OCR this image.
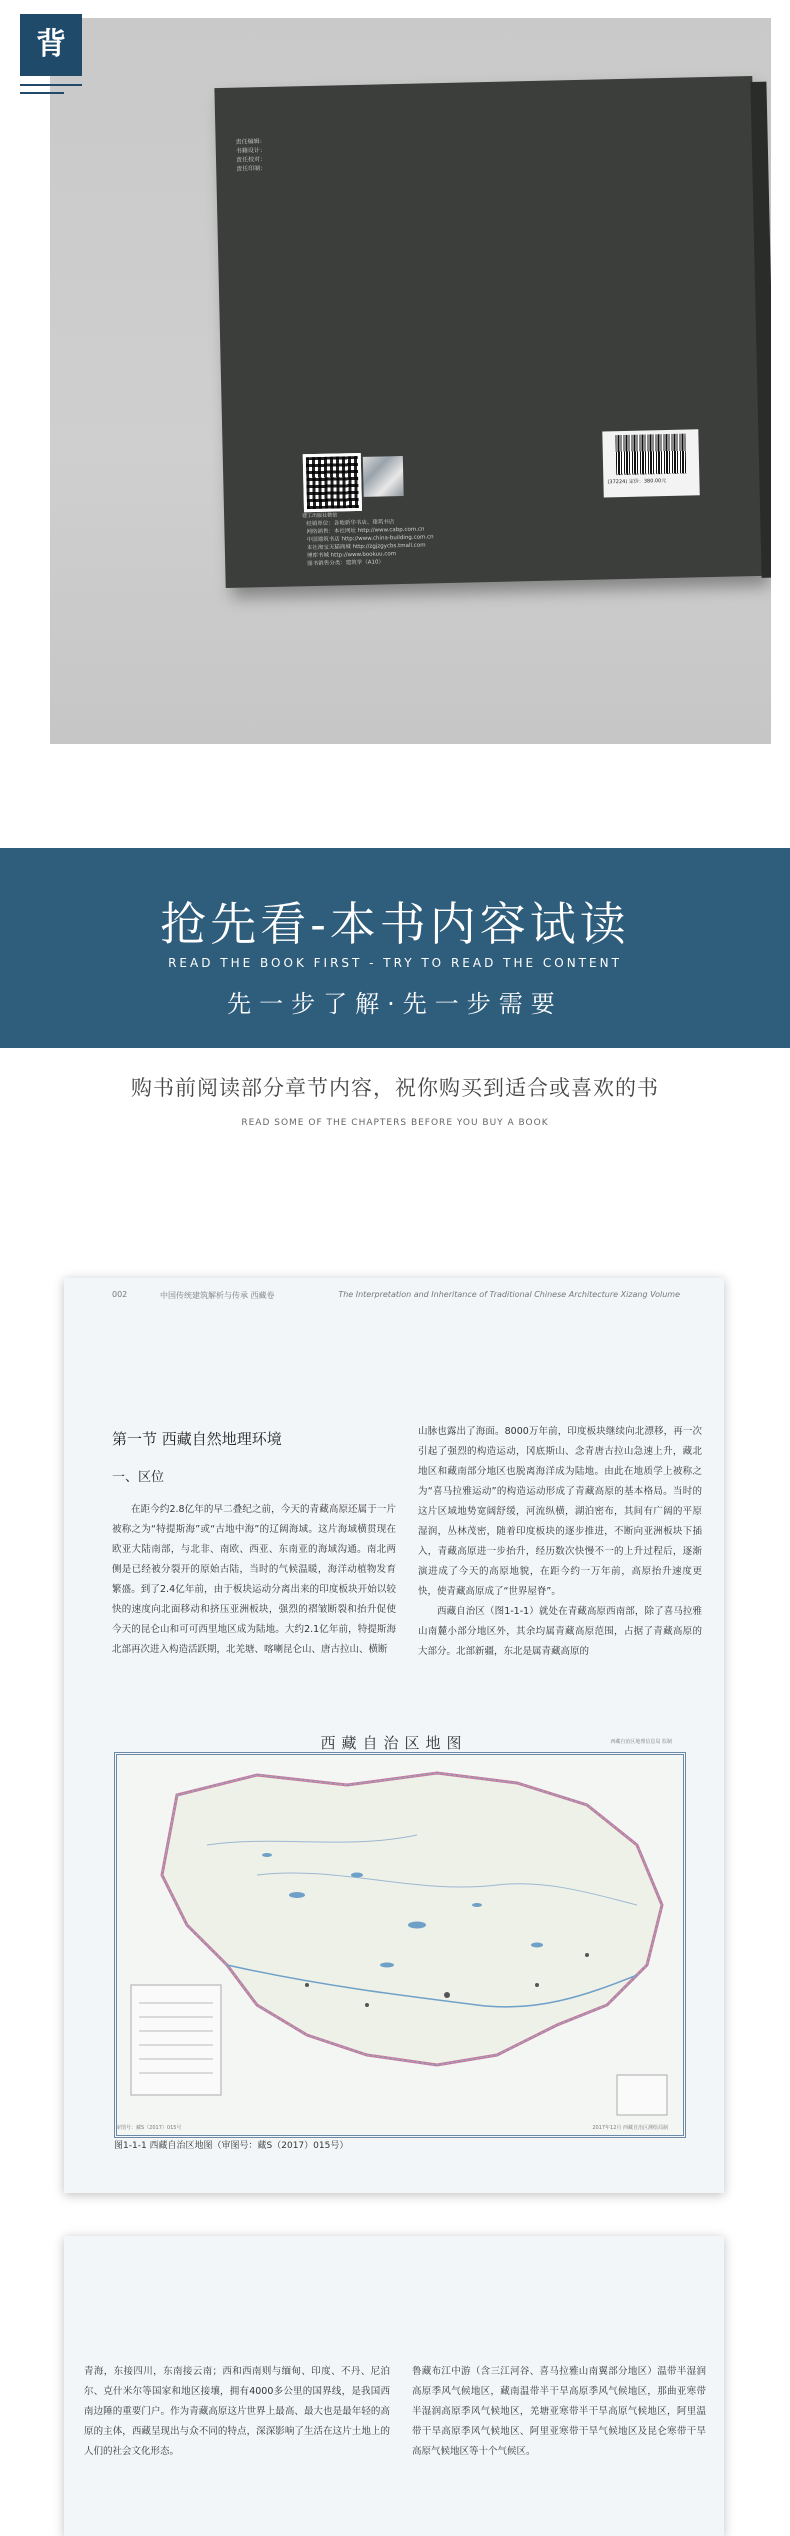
背
责任编辑：
书籍设计：
责任校对：
责任印制：
建工出版社微信
经销单位：各地新华书店、建筑书店
网络销售：本社网址 http://www.cabp.com.cn
中国建筑书店 http://www.china-building.com.cn
本社淘宝天猫商城 http://zgjzgycbs.tmall.com
博库书城 http://www.bookuu.com
图书销售分类：建筑学（A10）
(37224) 定价：380.00元
抢先看-本书内容试读
READ THE BOOK FIRST - TRY TO READ THE CONTENT
先一步了解·先一步需要
购书前阅读部分章节内容，祝你购买到适合或喜欢的书
READ SOME OF THE CHAPTERS BEFORE YOU BUY A BOOK
002	中国传统建筑解析与传承 西藏卷	The Interpretation and Inheritance of Traditional Chinese Architecture Xizang Volume
第一节 西藏自然地理环境
一、区位

在距今约2.8亿年的早二叠纪之前，今天的青藏高原还属于一片被称之为“特提斯海”或“古地中海”的辽阔海域。这片海域横贯现在欧亚大陆南部，与北非、南欧、西亚、东南亚的海域沟通。南北两侧是已经被分裂开的原始古陆，当时的气候温暖，海洋动植物发育繁盛。到了2.4亿年前，由于板块运动分离出来的印度板块开始以较快的速度向北面移动和挤压亚洲板块，强烈的褶皱断裂和抬升促使今天的昆仑山和可可西里地区成为陆地。大约2.1亿年前，特提斯海北部再次进入构造活跃期，北羌塘、喀喇昆仑山、唐古拉山、横断

山脉也露出了海面。8000万年前，印度板块继续向北漂移，再一次引起了强烈的构造运动，冈底斯山、念青唐古拉山急速上升，藏北地区和藏南部分地区也脱离海洋成为陆地。由此在地质学上被称之为“喜马拉雅运动”的构造运动形成了青藏高原的基本格局。当时的这片区域地势宽阔舒缓，河流纵横，湖泊密布，其间有广阔的平原湿润，丛林茂密，随着印度板块的逐步推进，不断向亚洲板块下插入，青藏高原进一步抬升，经历数次快慢不一的上升过程后，逐渐演进成了今天的高原地貌，在距今约一万年前，高原抬升速度更快，使青藏高原成了“世界屋脊”。

西藏自治区（图1-1-1）就处在青藏高原西南部，除了喜马拉雅山南麓小部分地区外，其余均属青藏高原范围，占据了青藏高原的大部分。北部新疆，东北是属青藏高原的

西藏自治区地图	西藏自治区地理信息局 监制
审图号：藏S（2017）015号	2017年12月 西藏自治区测绘局制
图1-1-1 西藏自治区地图（审图号：藏S（2017）015号）

青海，东接四川，东南接云南；西和西南则与缅甸、印度、不丹、尼泊尔、克什米尔等国家和地区接壤，拥有4000多公里的国界线，是我国西南边陲的重要门户。作为青藏高原这片世界上最高、最大也是最年轻的高原的主体，西藏呈现出与众不同的特点，深深影响了生活在这片土地上的人们的社会文化形态。

鲁藏布江中游（含三江河谷、喜马拉雅山南翼部分地区）温带半湿润高原季风气候地区，藏南温带半干旱高原季风气候地区，那曲亚寒带半湿润高原季风气候地区，羌塘亚寒带半干旱高原气候地区，阿里温带干旱高原季风气候地区、阿里亚寒带干旱气候地区及昆仑寒带干旱高原气候地区等十个气候区。
